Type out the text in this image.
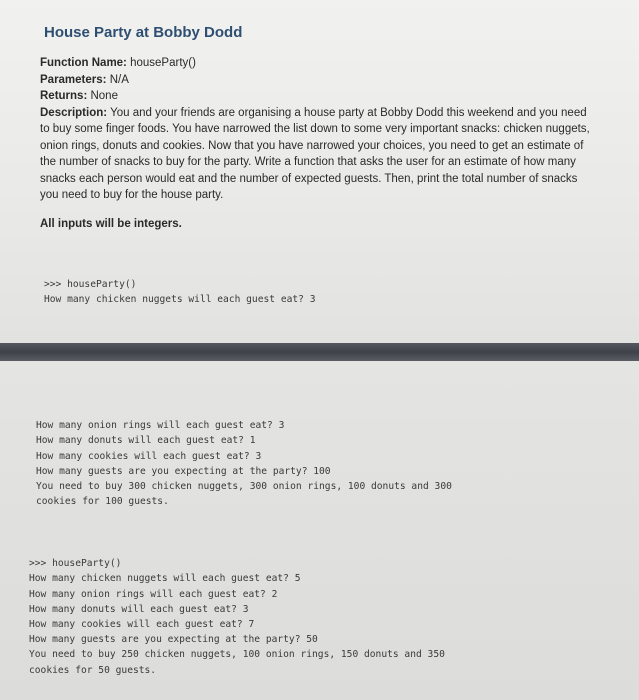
House Party at Bobby Dodd
Function Name: houseParty()
Parameters: N/A
Returns: None
Description: You and your friends are organising a house party at Bobby Dodd this weekend and you need to buy some finger foods. You have narrowed the list down to some very important snacks: chicken nuggets, onion rings, donuts and cookies. Now that you have narrowed your choices, you need to get an estimate of the number of snacks to buy for the party. Write a function that asks the user for an estimate of how many snacks each person would eat and the number of expected guests. Then, print the total number of snacks you need to buy for the house party.
All inputs will be integers.

>>> houseParty()
How many chicken nuggets will each guest eat? 3

How many onion rings will each guest eat? 3
How many donuts will each guest eat? 1
How many cookies will each guest eat? 3
How many guests are you expecting at the party? 100
You need to buy 300 chicken nuggets, 300 onion rings, 100 donuts and 300
cookies for 100 guests.

>>> houseParty()
How many chicken nuggets will each guest eat? 5
How many onion rings will each guest eat? 2
How many donuts will each guest eat? 3
How many cookies will each guest eat? 7
How many guests are you expecting at the party? 50
You need to buy 250 chicken nuggets, 100 onion rings, 150 donuts and 350
cookies for 50 guests.
